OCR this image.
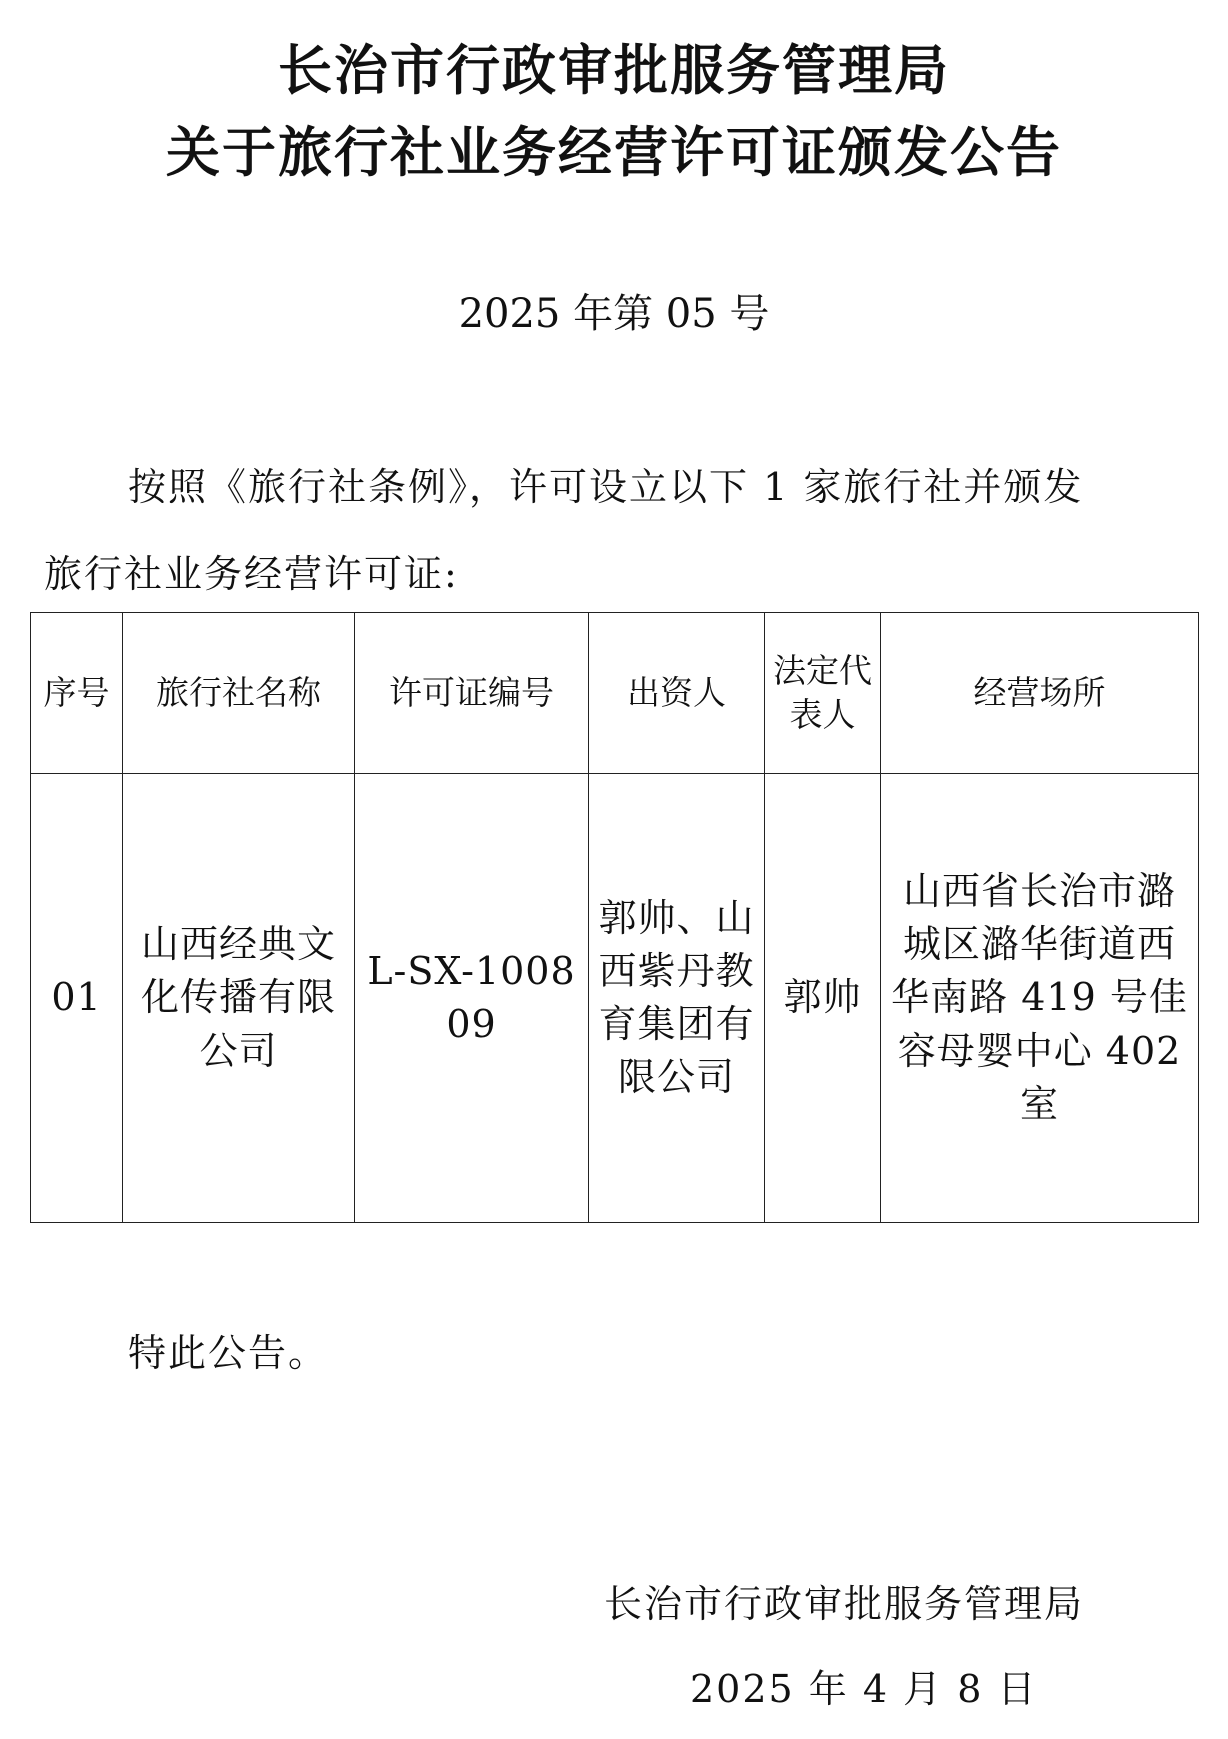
长治市行政审批服务管理局
关于旅行社业务经营许可证颁发公告
2025 年第 05 号
按照《旅行社条例》，许可设立以下 1 家旅行社并颁发
旅行社业务经营许可证:
序号	旅行社名称	许可证编号	出资人	法定代表人	经营场所
01	山西经典文化传播有限公司	L-SX-100809	郭帅、山西紫丹教育集团有限公司	郭帅	山西省长治市潞城区潞华街道西华南路 419 号佳容母婴中心 402 室
特此公告。
长治市行政审批服务管理局
2025 年 4 月 8 日
